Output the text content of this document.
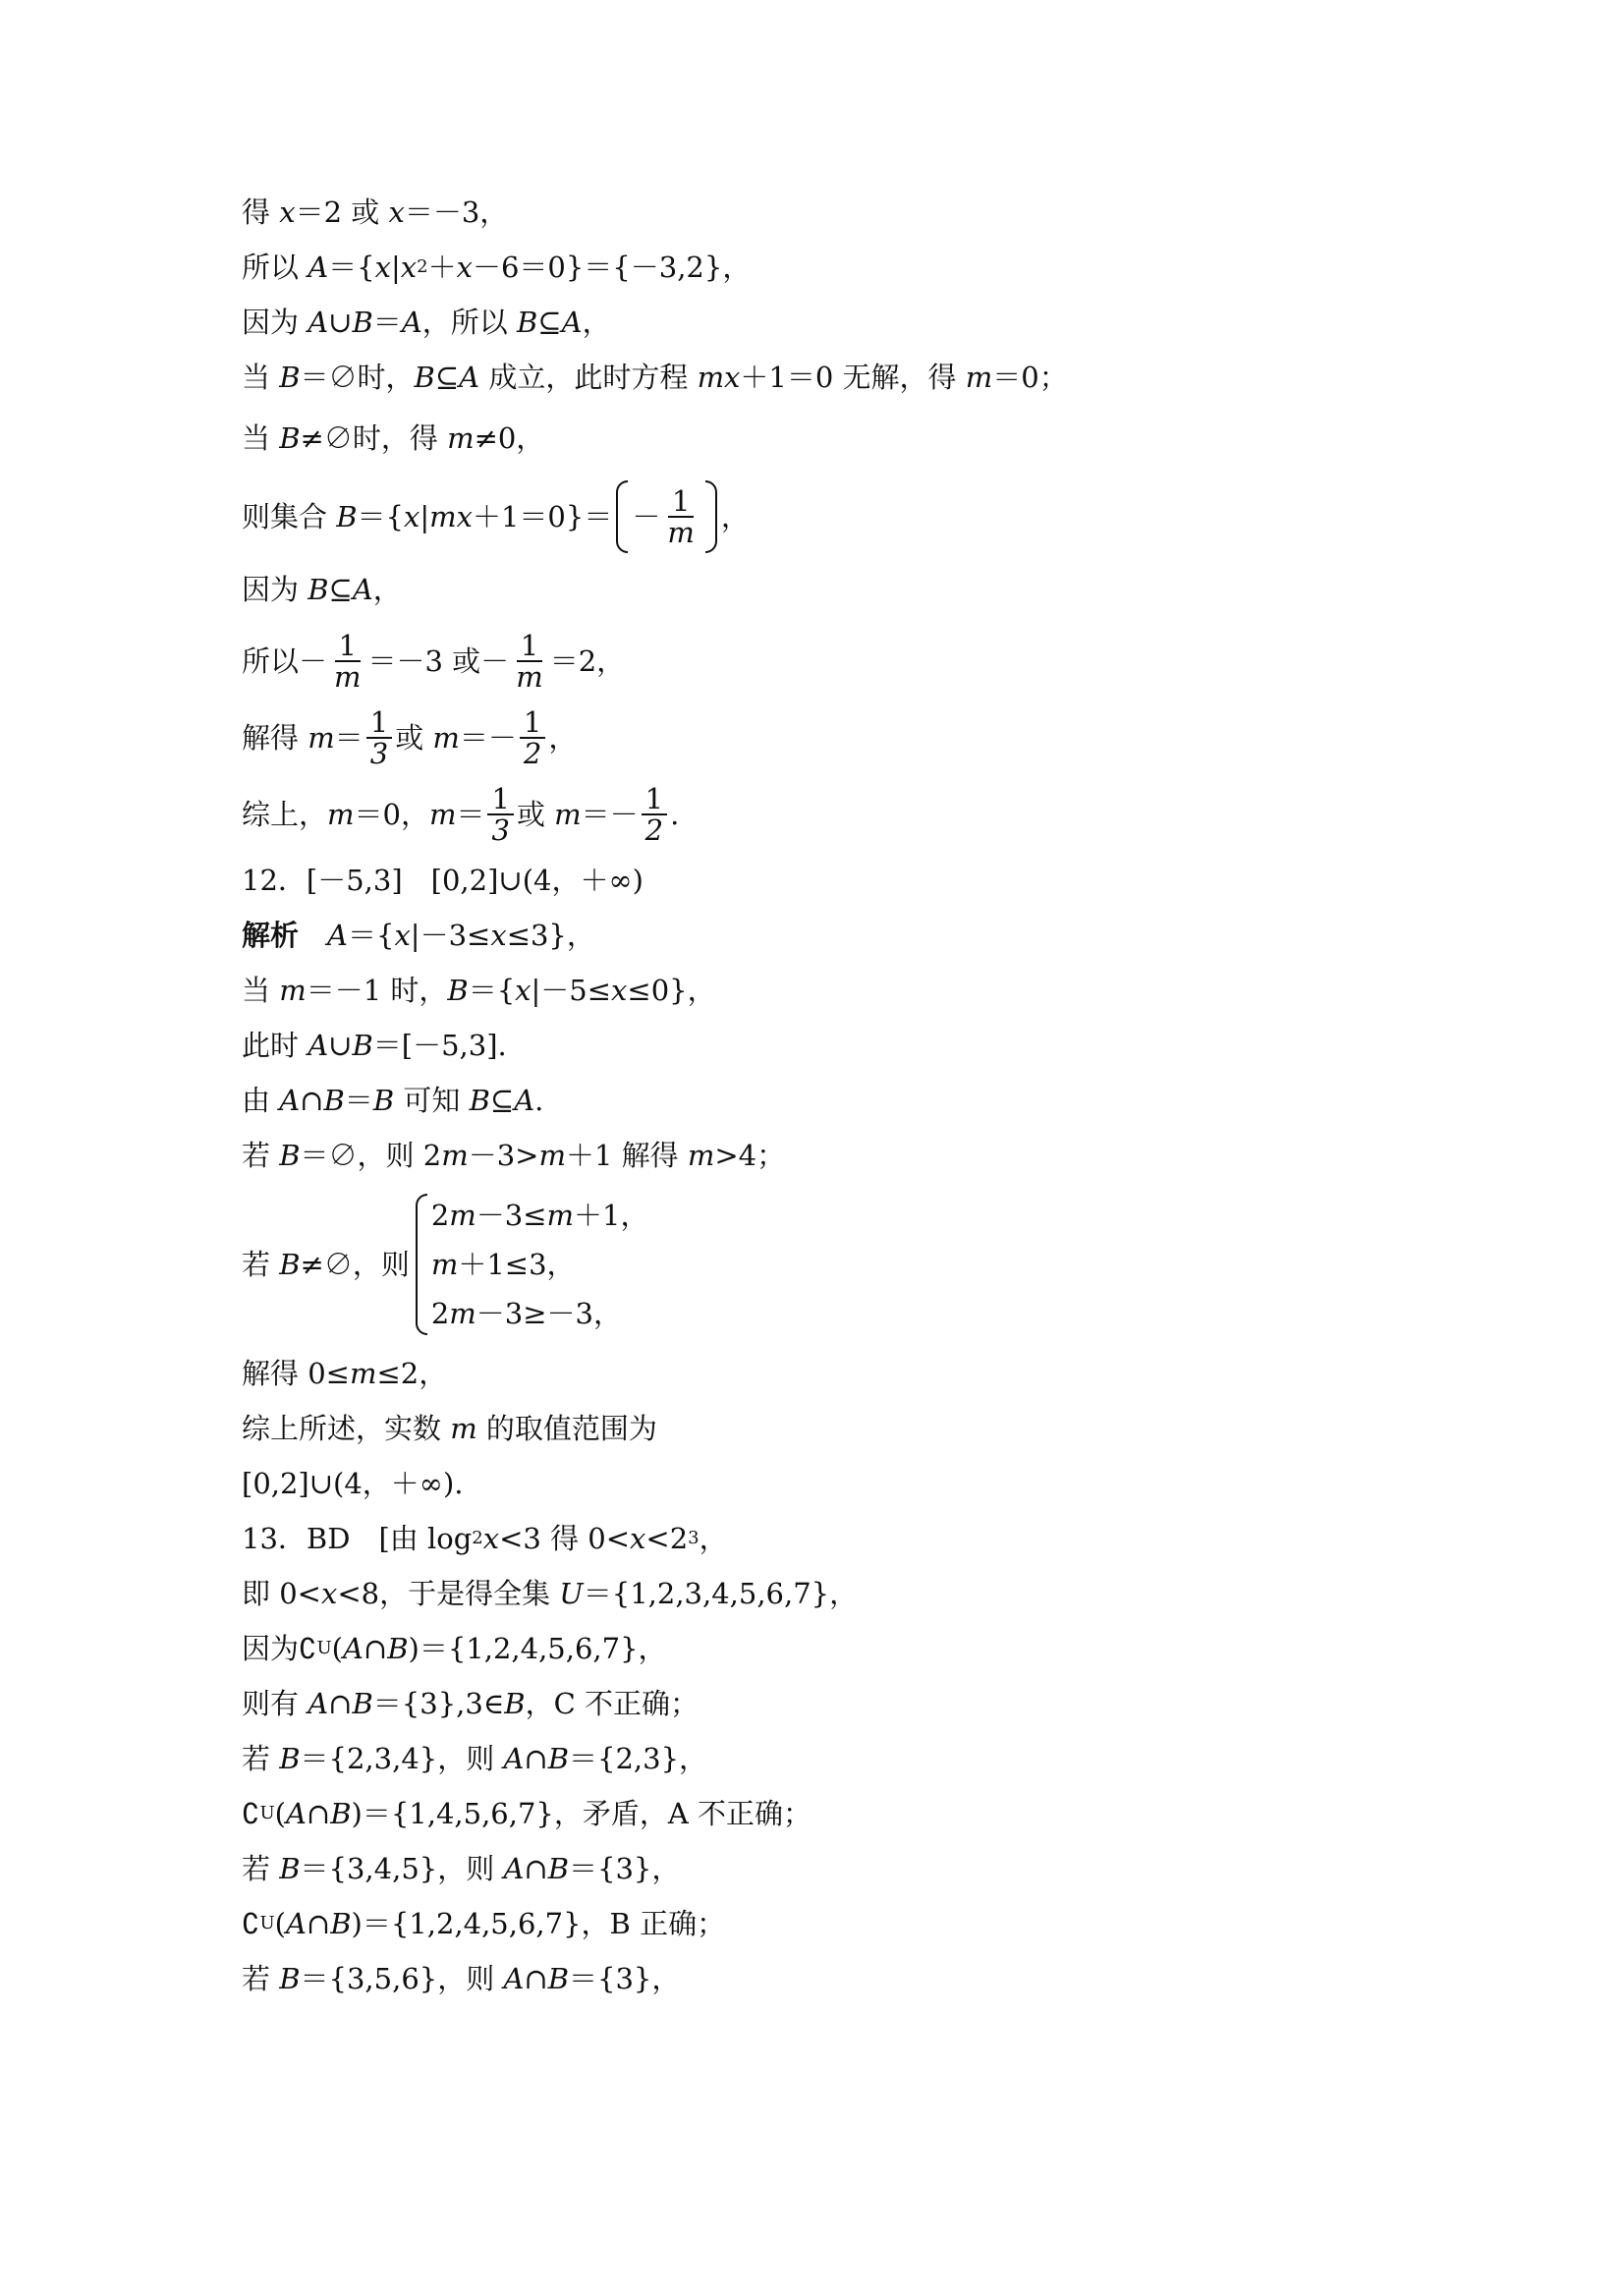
得 x ＝2 或 x ＝－3，
所以 A ＝{ x | x 2 ＋ x －6＝0}＝{－3,2}，
因为 A ∪ B ＝ A ，所以 B ⊆ A ，
当 B ＝∅时， B ⊆ A 成立，此时方程 mx ＋1＝0 无解，得 m ＝0；
当 B ≠∅时，得 m ≠0，
则集合 B ＝{ x | mx $+1=0\}= - \frac{1}{m}$ ，
因为 B ⊆ A ，
所以－ $\frac{1}{m} =-3$ 或－ $\frac{1}{m} =2$，
解得 $m = \frac{1}{3}$ 或 $m =- \frac{1}{2}$ ，
综上， m ＝0， $m = \frac{1}{3}$ 或 $m =- \frac{1}{2}$ .
12．[－5,3]　[0,2]∪(4，＋∞)
解析
　 A ＝{ x |－3≤ x ≤3}，
当 m ＝－1 时， B ＝{ x |－5≤ x ≤0}，
此时 A ∪ B ＝[－5,3].
由 A ∩ B ＝ B 可知 B ⊆ A .
若 B ＝∅，则 2 m －3> m ＋1 解得 m >4；
若 B ≠∅，则
2 m －3≤ m ＋1，
m ＋1≤3，
2 m －3≥－3，
解得 0≤ m ≤2，
综上所述，实数 m 的取值范围为
[0,2]∪(4，＋∞).
13．BD　[由 log 2 x <3 得 0< x <2 3 ，
即 0< x <8，于是得全集 U ＝{1,2,3,4,5,6,7}，
因为∁ U ( A ∩ B )＝{1,2,4,5,6,7}，
则有 A ∩ B ＝{3},3∈ B ，C 不正确；
若 B ＝{2,3,4}，则 A ∩ B ＝{2,3}，
∁ U ( A ∩ B )＝{1,4,5,6,7}，矛盾，A 不正确；
若 B ＝{3,4,5}，则 A ∩ B ＝{3}，
∁ U ( A ∩ B )＝{1,2,4,5,6,7}，B 正确；
若 B ＝{3,5,6}，则 A ∩ B ＝{3}，
